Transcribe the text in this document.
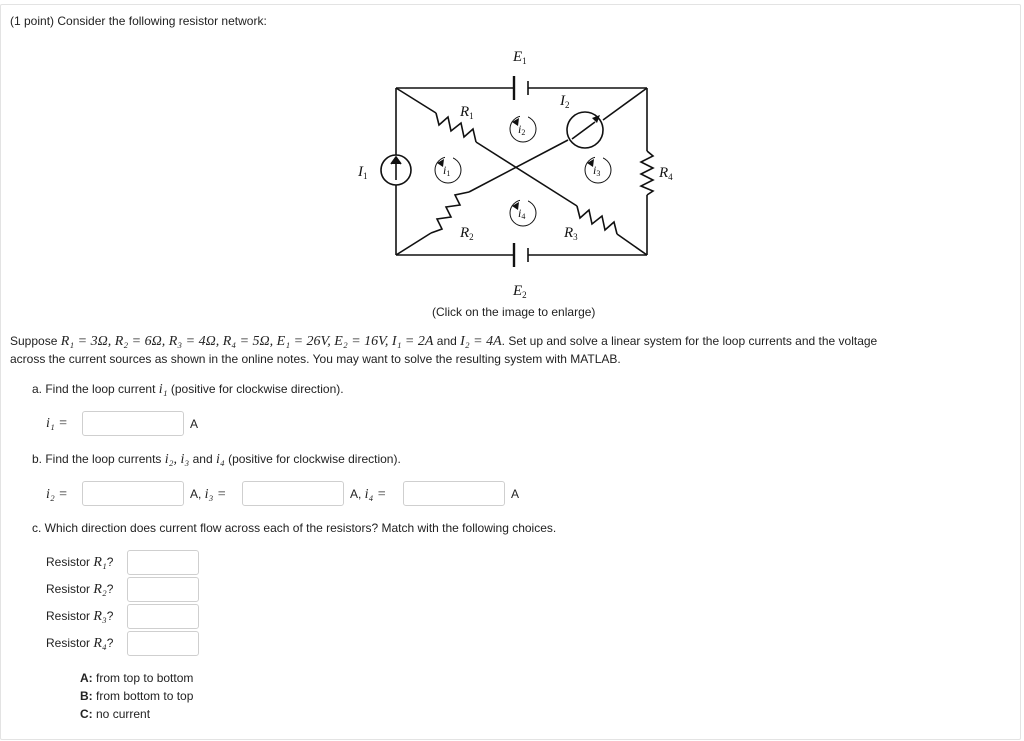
(1 point) Consider the following resistor network:
$E_1$
$E_2$
$I_1$
$I_2$
$R_1$
$R_2$	$R_3$
$R_4$
i1
i2
i3
i4
(Click on the image to enlarge)
Suppose R₁ = 3Ω, R₂ = 6Ω, R₃ = 4Ω, R₄ = 5Ω, E₁ = 26V, E₂ = 16V, I₁ = 2A and I₂ = 4A. Set up and solve a linear system for the loop currents and the voltage
across the current sources as shown in the online notes. You may want to solve the resulting system with MATLAB.
a. Find the loop current i₁ (positive for clockwise direction).
i₁ =	A
b. Find the loop currents i₂, i₃ and i₄ (positive for clockwise direction).
i₂ =	A, i₃ =	A, i₄ =	A
c. Which direction does current flow across each of the resistors? Match with the following choices.
Resistor R₁?
Resistor R₂?
Resistor R₃?
Resistor R₄?
A: from top to bottom
B: from bottom to top
C: no current
